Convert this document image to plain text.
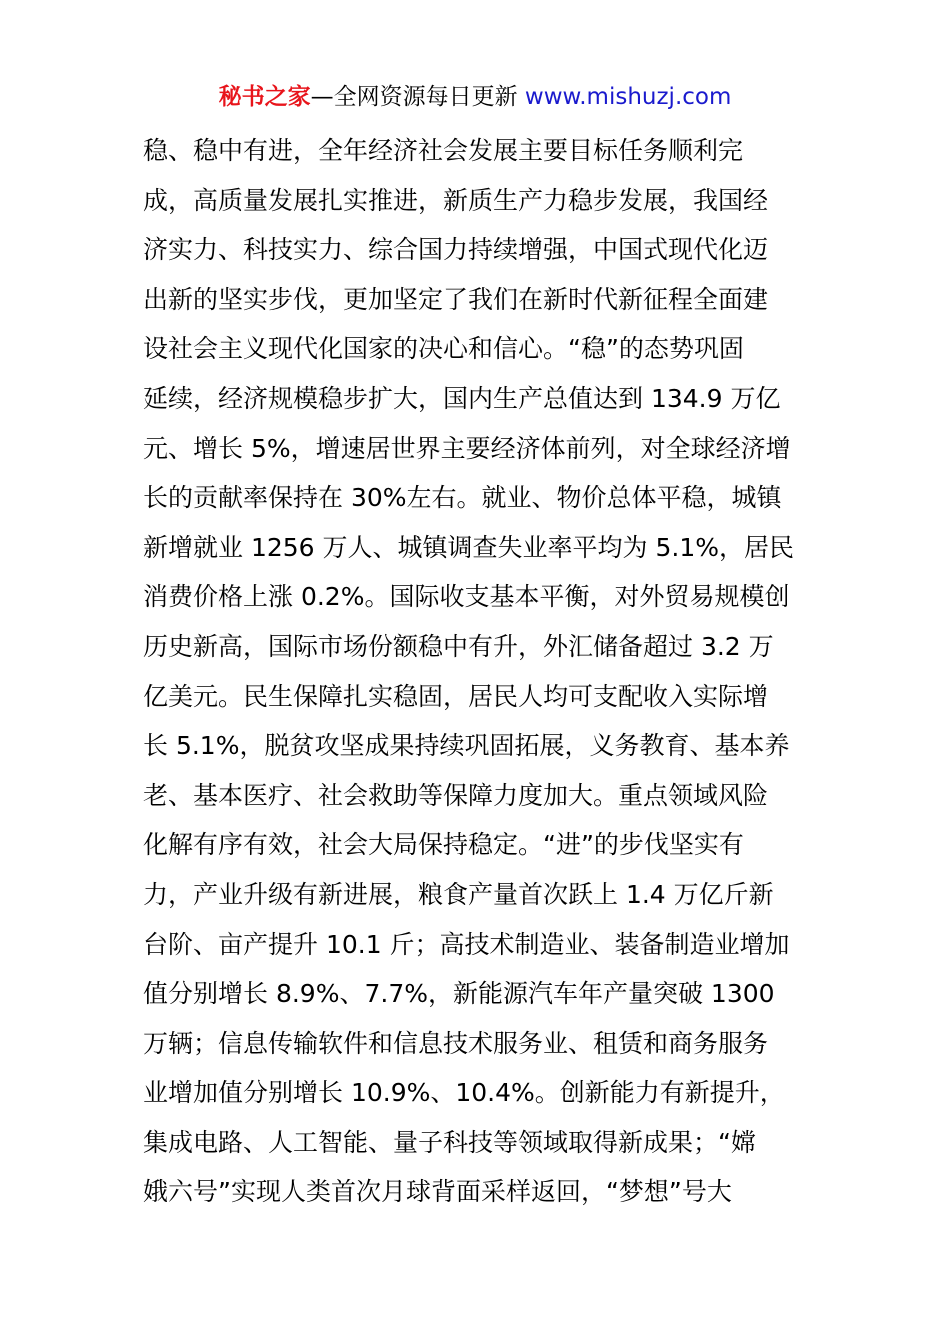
秘书之家—全网资源每日更新 www.mishuzj.com
稳、稳中有进，全年经济社会发展主要目标任务顺利完
成，高质量发展扎实推进，新质生产力稳步发展，我国经
济实力、科技实力、综合国力持续增强，中国式现代化迈
出新的坚实步伐，更加坚定了我们在新时代新征程全面建
设社会主义现代化国家的决心和信心。“稳”的态势巩固
延续，经济规模稳步扩大，国内生产总值达到 134.9 万亿
元、增长 5%，增速居世界主要经济体前列，对全球经济增
长的贡献率保持在 30%左右。就业、物价总体平稳，城镇
新增就业 1256 万人、城镇调查失业率平均为 5.1%，居民
消费价格上涨 0.2%。国际收支基本平衡，对外贸易规模创
历史新高，国际市场份额稳中有升，外汇储备超过 3.2 万
亿美元。民生保障扎实稳固，居民人均可支配收入实际增
长 5.1%，脱贫攻坚成果持续巩固拓展，义务教育、基本养
老、基本医疗、社会救助等保障力度加大。重点领域风险
化解有序有效，社会大局保持稳定。“进”的步伐坚实有
力，产业升级有新进展，粮食产量首次跃上 1.4 万亿斤新
台阶、亩产提升 10.1 斤；高技术制造业、装备制造业增加
值分别增长 8.9%、7.7%，新能源汽车年产量突破 1300
万辆；信息传输软件和信息技术服务业、租赁和商务服务
业增加值分别增长 10.9%、10.4%。创新能力有新提升，
集成电路、人工智能、量子科技等领域取得新成果；“嫦
娥六号”实现人类首次月球背面采样返回，“梦想”号大
